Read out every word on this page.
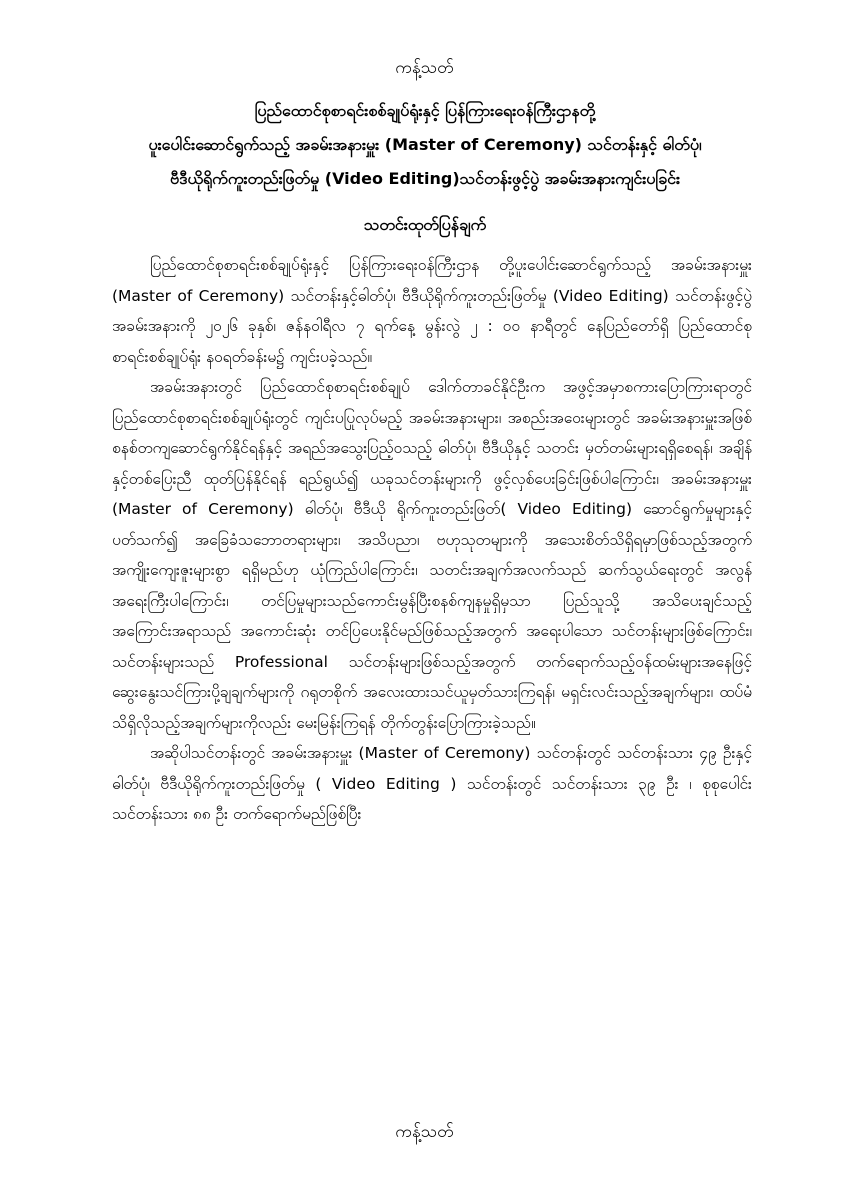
ကန့်သတ်
ပြည်ထောင်စုစာရင်းစစ်ချုပ်ရုံးနှင့် ပြန်ကြားရေးဝန်ကြီးဌာနတို့
ပူးပေါင်းဆောင်ရွက်သည့် အခမ်းအနားမှူး (Master of Ceremony) သင်တန်းနှင့် ဓါတ်ပုံ၊
ဗီဒီယိုရိုက်ကူးတည်းဖြတ်မှု (Video Editing)သင်တန်းဖွင့်ပွဲ အခမ်းအနားကျင်းပခြင်း
သတင်းထုတ်ပြန်ချက်

ပြည်ထောင်စုစာရင်းစစ်ချုပ်ရုံးနှင့် ပြန်ကြားရေးဝန်ကြီးဌာန တို့ပူးပေါင်းဆောင်ရွက်သည့် အခမ်းအနားမှူး (Master of Ceremony) သင်တန်းနှင့်ဓါတ်ပုံ၊ ဗီဒီယိုရိုက်ကူးတည်းဖြတ်မှု (Video Editing) သင်တန်းဖွင့်ပွဲအခမ်းအနားကို ၂၀၂၆ ခုနှစ်၊ ဇန်နဝါရီလ ၇ ရက်နေ့ မွန်းလွဲ ၂ : ၀၀ နာရီတွင် နေပြည်တော်ရှိ ပြည်ထောင်စုစာရင်းစစ်ချုပ်ရုံး နဝရတ်ခန်းမ၌ ကျင်းပခဲ့သည်။

အခမ်းအနားတွင် ပြည်ထောင်စုစာရင်းစစ်ချုပ် ဒေါက်တာခင်နိုင်ဦးက အဖွင့်အမှာစကားပြောကြားရာတွင် ပြည်ထောင်စုစာရင်းစစ်ချုပ်ရုံးတွင် ကျင်းပပြုလုပ်မည့် အခမ်းအနားများ၊ အစည်းအဝေးများတွင် အခမ်းအနားမှူးအဖြစ် စနစ်တကျဆောင်ရွက်နိုင်ရန်နှင့် အရည်အသွေးပြည့်ဝသည့် ဓါတ်ပုံ၊ ဗီဒီယိုနှင့် သတင်း မှတ်တမ်းများရရှိစေရန်၊ အချိန်နှင့်တစ်ပြေးညီ ထုတ်ပြန်နိုင်ရန် ရည်ရွယ်၍ ယခုသင်တန်းများကို ဖွင့်လှစ်ပေးခြင်းဖြစ်ပါကြောင်း၊ အခမ်းအနားမှူး (Master of Ceremony) ဓါတ်ပုံ၊ ဗီဒီယို ရိုက်ကူးတည်းဖြတ်( Video Editing) ဆောင်ရွက်မှုများနှင့်ပတ်သက်၍ အခြေခံသဘောတရားများ၊ အသိပညာ၊ ဗဟုသုတများကို အသေးစိတ်သိရှိရမှာဖြစ်သည့်အတွက် အကျိုးကျေးဇူးများစွာ ရရှိမည်ဟု ယုံကြည်ပါကြောင်း၊ သတင်းအချက်အလက်သည် ဆက်သွယ်ရေးတွင် အလွန်အရေးကြီးပါကြောင်း၊ တင်ပြမှုများသည်ကောင်းမွန်ပြီးစနစ်ကျနမှုရှိမှသာ ပြည်သူသို့ အသိပေးချင်သည့်အကြောင်းအရာသည် အကောင်းဆုံး တင်ပြပေးနိုင်မည်ဖြစ်သည့်အတွက် အရေးပါသော သင်တန်းများဖြစ်ကြောင်း၊ သင်တန်းများသည် Professional သင်တန်းများဖြစ်သည့်အတွက် တက်ရောက်သည့်ဝန်ထမ်းများအနေဖြင့် ဆွေးနွေးသင်ကြားပို့ချချက်များကို ဂရုတစိုက် အလေးထားသင်ယူမှတ်သားကြရန်၊ မရှင်းလင်းသည့်အချက်များ၊ ထပ်မံသိရှိလိုသည့်အချက်များကိုလည်း မေးမြန်းကြရန် တိုက်တွန်းပြောကြားခဲ့သည်။

အဆိုပါသင်တန်းတွင် အခမ်းအနားမှူး (Master of Ceremony) သင်တန်းတွင် သင်တန်းသား ၄၉ ဦးနှင့် ဓါတ်ပုံ၊ ဗီဒီယိုရိုက်ကူးတည်းဖြတ်မှု ( Video Editing ) သင်တန်းတွင် သင်တန်းသား ၃၉ ဦး ၊ စုစုပေါင်း သင်တန်းသား ၈၈ ဦး တက်ရောက်မည်ဖြစ်ပြီး

ကန့်သတ်
